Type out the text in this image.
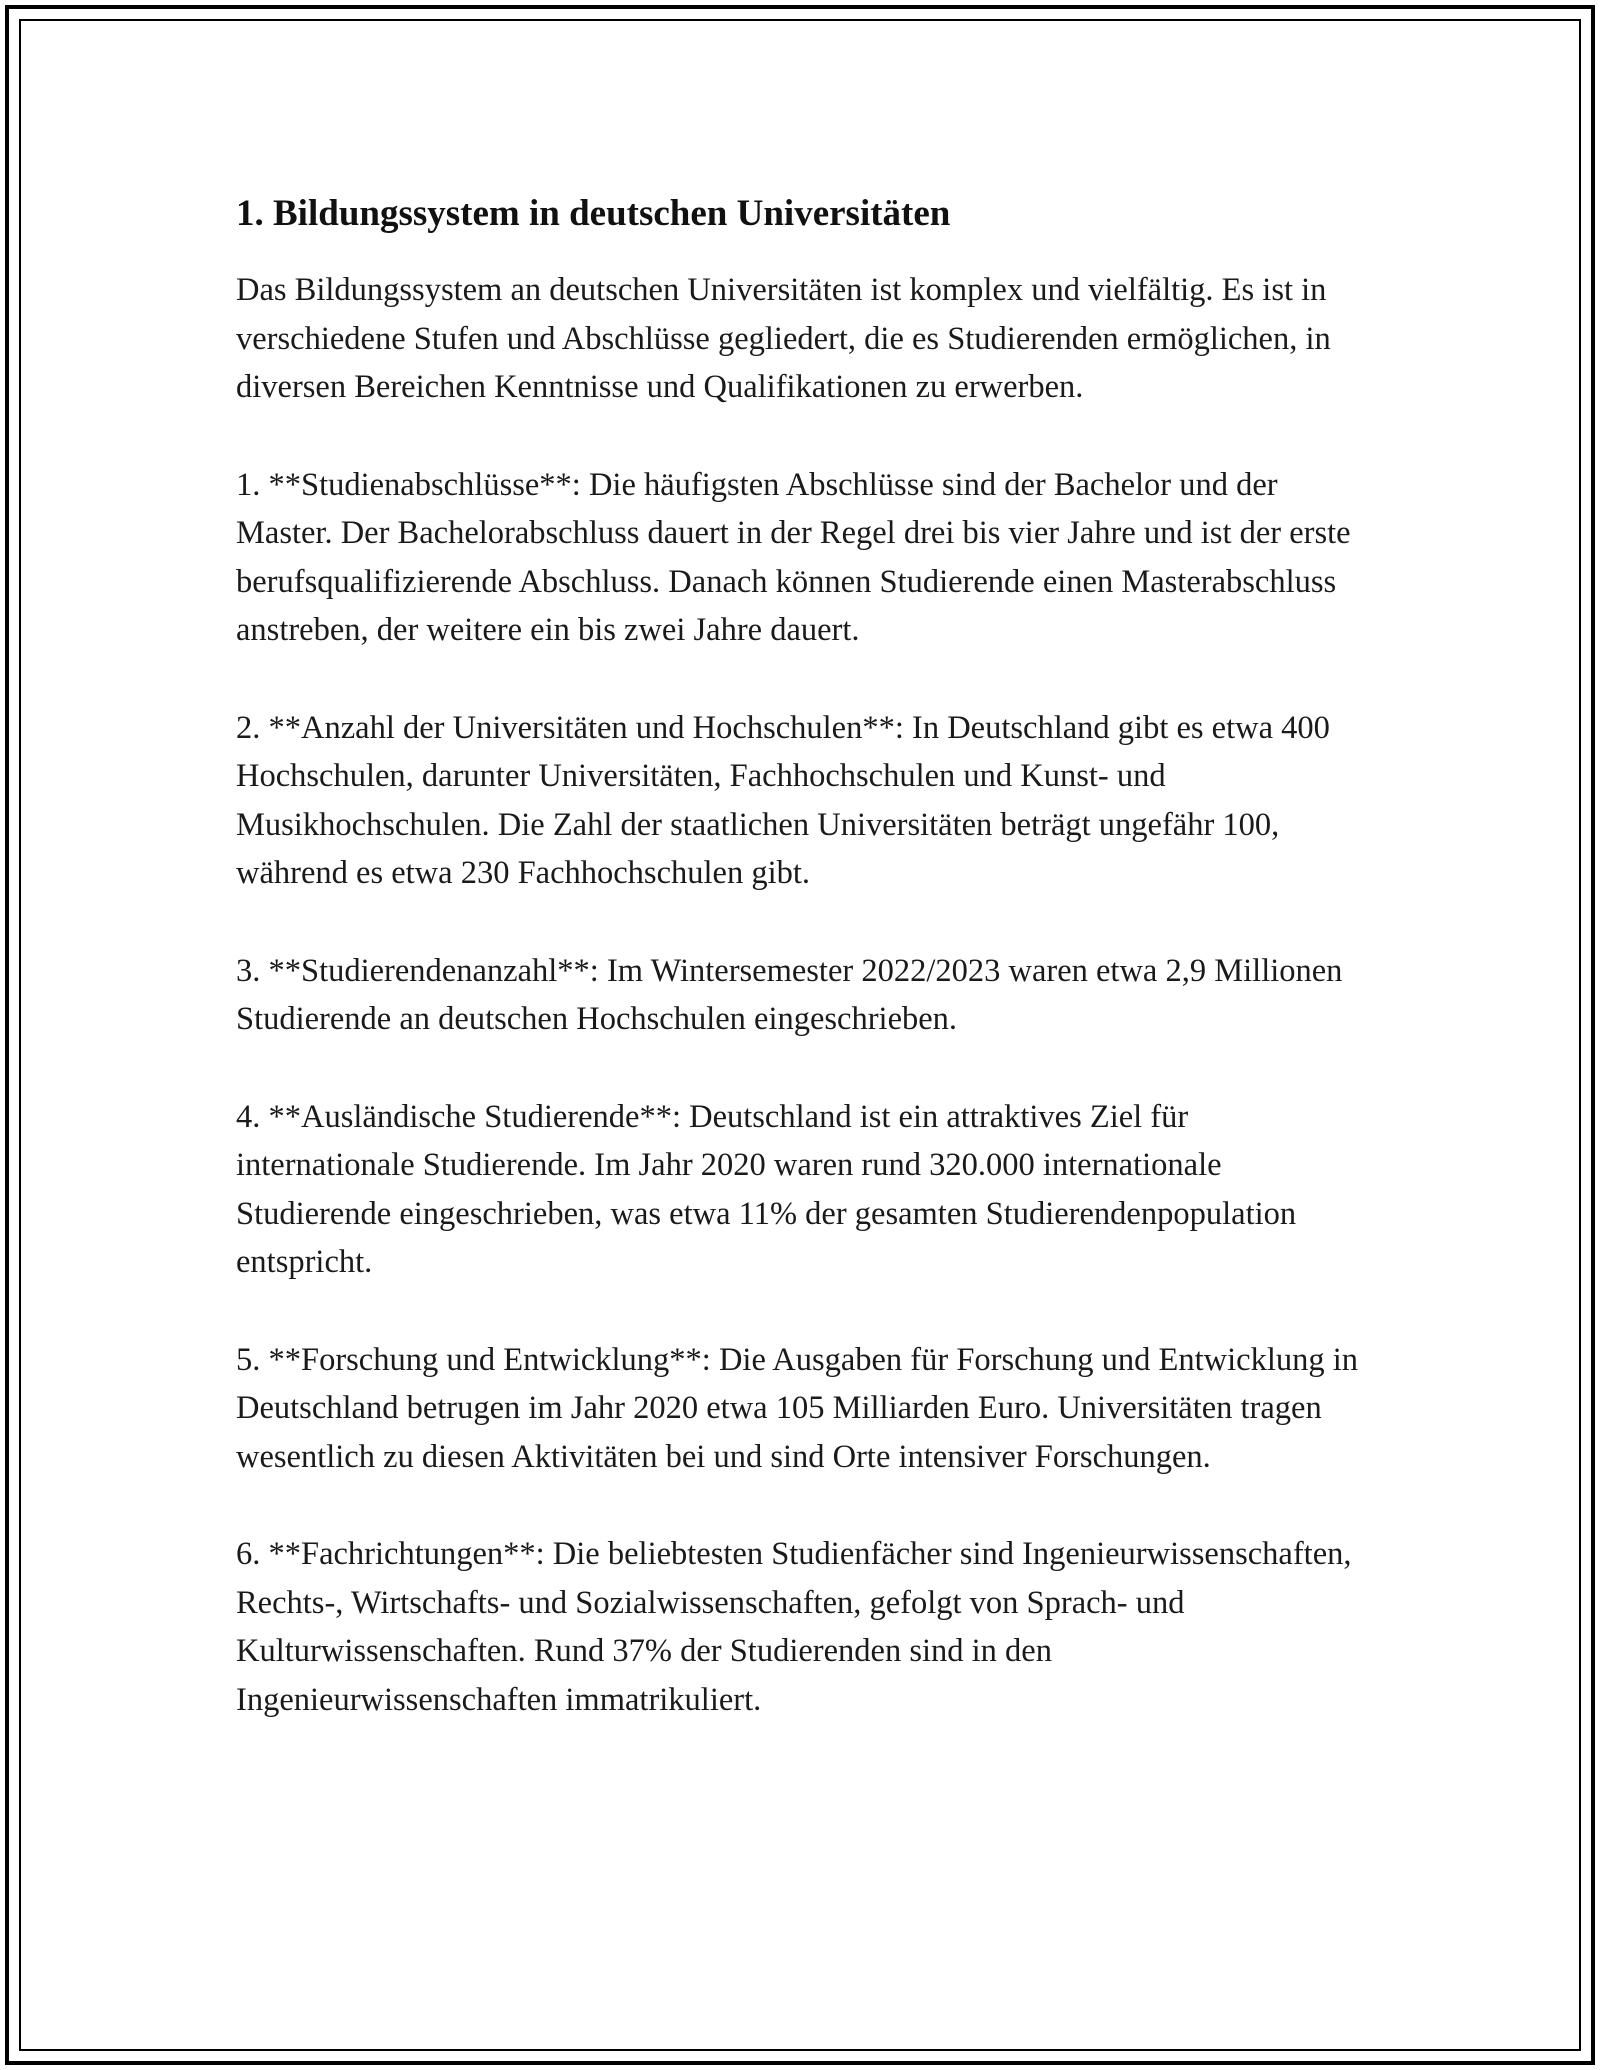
1. Bildungssystem in deutschen Universitäten

Das Bildungssystem an deutschen Universitäten ist komplex und vielfältig. Es ist in verschiedene Stufen und Abschlüsse gegliedert, die es Studierenden ermöglichen, in diversen Bereichen Kenntnisse und Qualifikationen zu erwerben.

1. **Studienabschlüsse**: Die häufigsten Abschlüsse sind der Bachelor und der Master. Der Bachelorabschluss dauert in der Regel drei bis vier Jahre und ist der erste berufsqualifizierende Abschluss. Danach können Studierende einen Masterabschluss anstreben, der weitere ein bis zwei Jahre dauert.

2. **Anzahl der Universitäten und Hochschulen**: In Deutschland gibt es etwa 400 Hochschulen, darunter Universitäten, Fachhochschulen und Kunst- und Musikhochschulen. Die Zahl der staatlichen Universitäten beträgt ungefähr 100, während es etwa 230 Fachhochschulen gibt.

3. **Studierendenanzahl**: Im Wintersemester 2022/2023 waren etwa 2,9 Millionen Studierende an deutschen Hochschulen eingeschrieben.

4. **Ausländische Studierende**: Deutschland ist ein attraktives Ziel für internationale Studierende. Im Jahr 2020 waren rund 320.000 internationale Studierende eingeschrieben, was etwa 11% der gesamten Studierendenpopulation entspricht.

5. **Forschung und Entwicklung**: Die Ausgaben für Forschung und Entwicklung in Deutschland betrugen im Jahr 2020 etwa 105 Milliarden Euro. Universitäten tragen wesentlich zu diesen Aktivitäten bei und sind Orte intensiver Forschungen.

6. **Fachrichtungen**: Die beliebtesten Studienfächer sind Ingenieurwissenschaften, Rechts-, Wirtschafts- und Sozialwissenschaften, gefolgt von Sprach- und Kulturwissenschaften. Rund 37% der Studierenden sind in den Ingenieurwissenschaften immatrikuliert.
